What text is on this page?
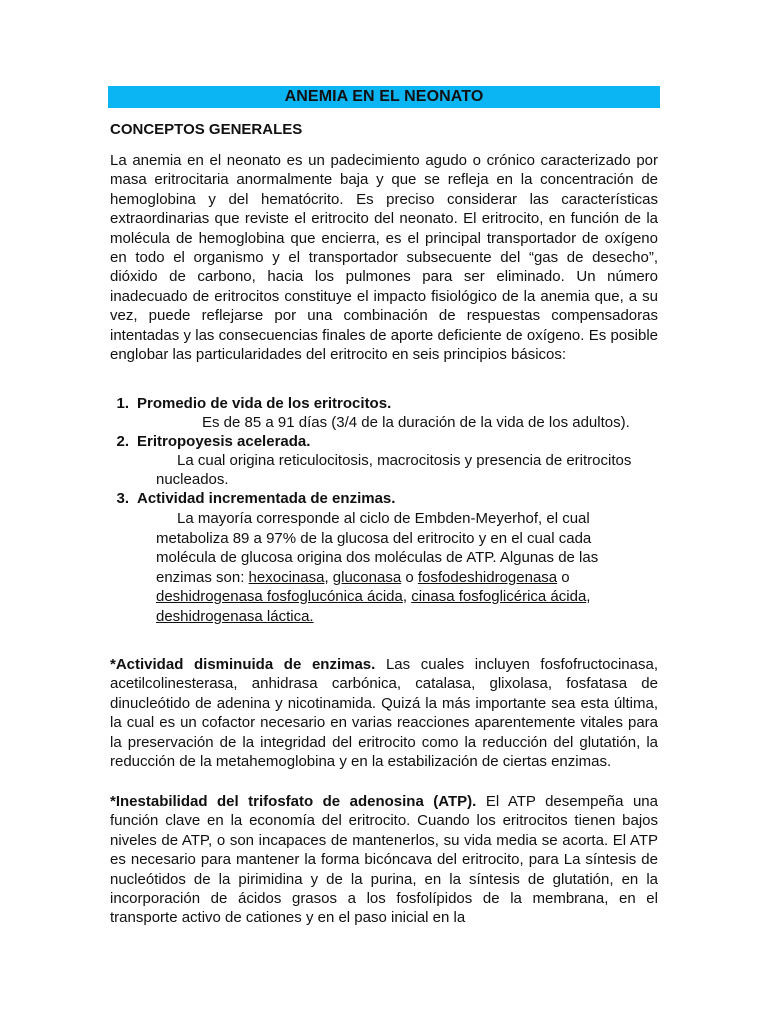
ANEMIA EN EL NEONATO
CONCEPTOS GENERALES

La anemia en el neonato es un padecimiento agudo o crónico caracterizado por masa eritrocitaria anormalmente baja y que se refleja en la concentración de hemoglobina y del hematócrito. Es preciso considerar las características extraordinarias que reviste el eritrocito del neonato. El eritrocito, en función de la molécula de hemoglobina que encierra, es el principal transportador de oxígeno en todo el organismo y el transportador subsecuente del “gas de desecho”, dióxido de carbono, hacia los pulmones para ser eliminado. Un número inadecuado de eritrocitos constituye el impacto fisiológico de la anemia que, a su vez, puede reflejarse por una combinación de respuestas compensadoras intentadas y las consecuencias finales de aporte deficiente de oxígeno. Es posible englobar las particularidades del eritrocito en seis principios básicos:

1. Promedio de vida de los eritrocitos.

Es de 85 a 91 días (3/4 de la duración de la vida de los adultos).

2. Eritropoyesis acelerada.

La cual origina reticulocitosis, macrocitosis y presencia de eritrocitos

nucleados.

3. Actividad incrementada de enzimas.
La mayoría corresponde al ciclo de Embden-Meyerhof, el cual
metaboliza 89 a 97% de la glucosa del eritrocito y en el cual cada
molécula de glucosa origina dos moléculas de ATP. Algunas de las
enzimas son: hexocinasa, gluconasa o fosfodeshidrogenasa o
deshidrogenasa fosfoglucónica ácida, cinasa fosfoglicérica ácida,
deshidrogenasa láctica.

*Actividad disminuida de enzimas. Las cuales incluyen fosfofructocinasa, acetilcolinesterasa, anhidrasa carbónica, catalasa, glixolasa, fosfatasa de dinucleótido de adenina y nicotinamida. Quizá la más importante sea esta última, la cual es un cofactor necesario en varias reacciones aparentemente vitales para la preservación de la integridad del eritrocito como la reducción del glutatión, la reducción de la metahemoglobina y en la estabilización de ciertas enzimas.

*Inestabilidad del trifosfato de adenosina (ATP). El ATP desempeña una función clave en la economía del eritrocito. Cuando los eritrocitos tienen bajos niveles de ATP, o son incapaces de mantenerlos, su vida media se acorta. El ATP es necesario para mantener la forma bicóncava del eritrocito, para La síntesis de nucleótidos de la pirimidina y de la purina, en la síntesis de glutatión, en la incorporación de ácidos grasos a los fosfolípidos de la membrana, en el transporte activo de cationes y en el paso inicial en la
